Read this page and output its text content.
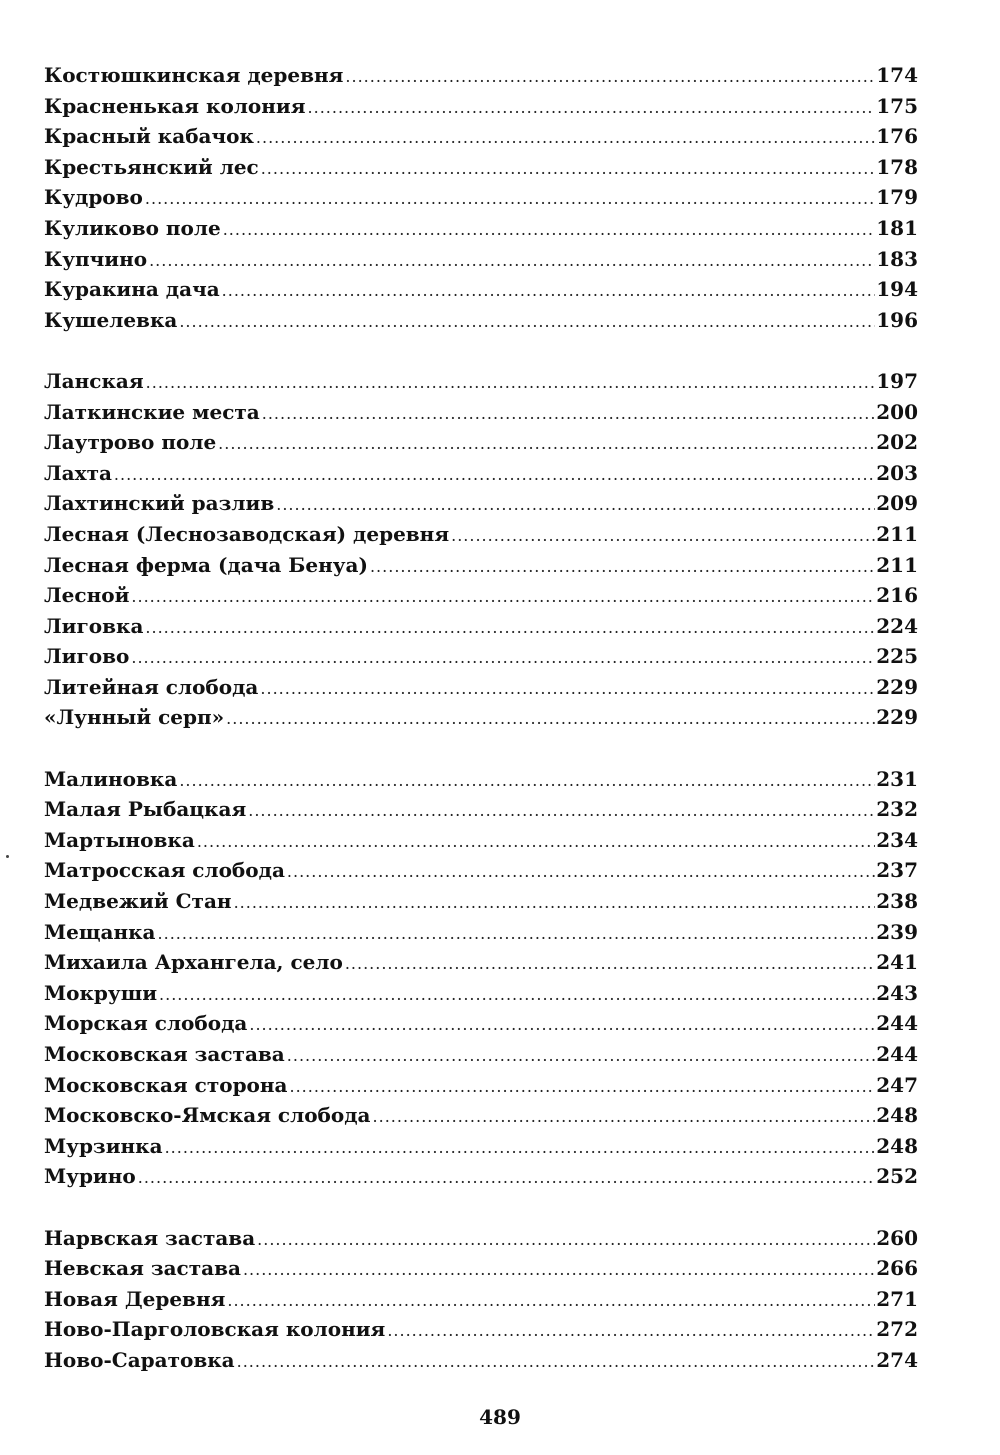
Костюшкинская деревня .....	174
Красненькая колония .....	175
Красный кабачок .....	176
Крестьянский лес .....	178
Кудрово .....	179
Куликово поле .....	181
Купчино .....	183
Куракина дача .....	194
Кушелевка .....	196
Ланская .....	197
Латкинские места .....	200
Лаутрово поле .....	202
Лахта .....	203
Лахтинский разлив .....	209
Лесная (Леснозаводская) деревня .....	211
Лесная ферма (дача Бенуа) .....	211
Лесной .....	216
Лиговка .....	224
Лигово .....	225
Литейная слобода .....	229
«Лунный серп» .....	229
Малиновка .....	231
Малая Рыбацкая .....	232
Мартыновка .....	234
Матросская слобода .....	237
Медвежий Стан .....	238
Мещанка .....	239
Михаила Архангела, село .....	241
Мокруши .....	243
Морская слобода .....	244
Московская застава .....	244
Московская сторона .....	247
Московско-Ямская слобода .....	248
Мурзинка .....	248
Мурино .....	252
Нарвская застава .....	260
Невская застава .....	266
Новая Деревня .....	271
Ново-Парголовская колония .....	272
Ново-Саратовка .....	274
489
